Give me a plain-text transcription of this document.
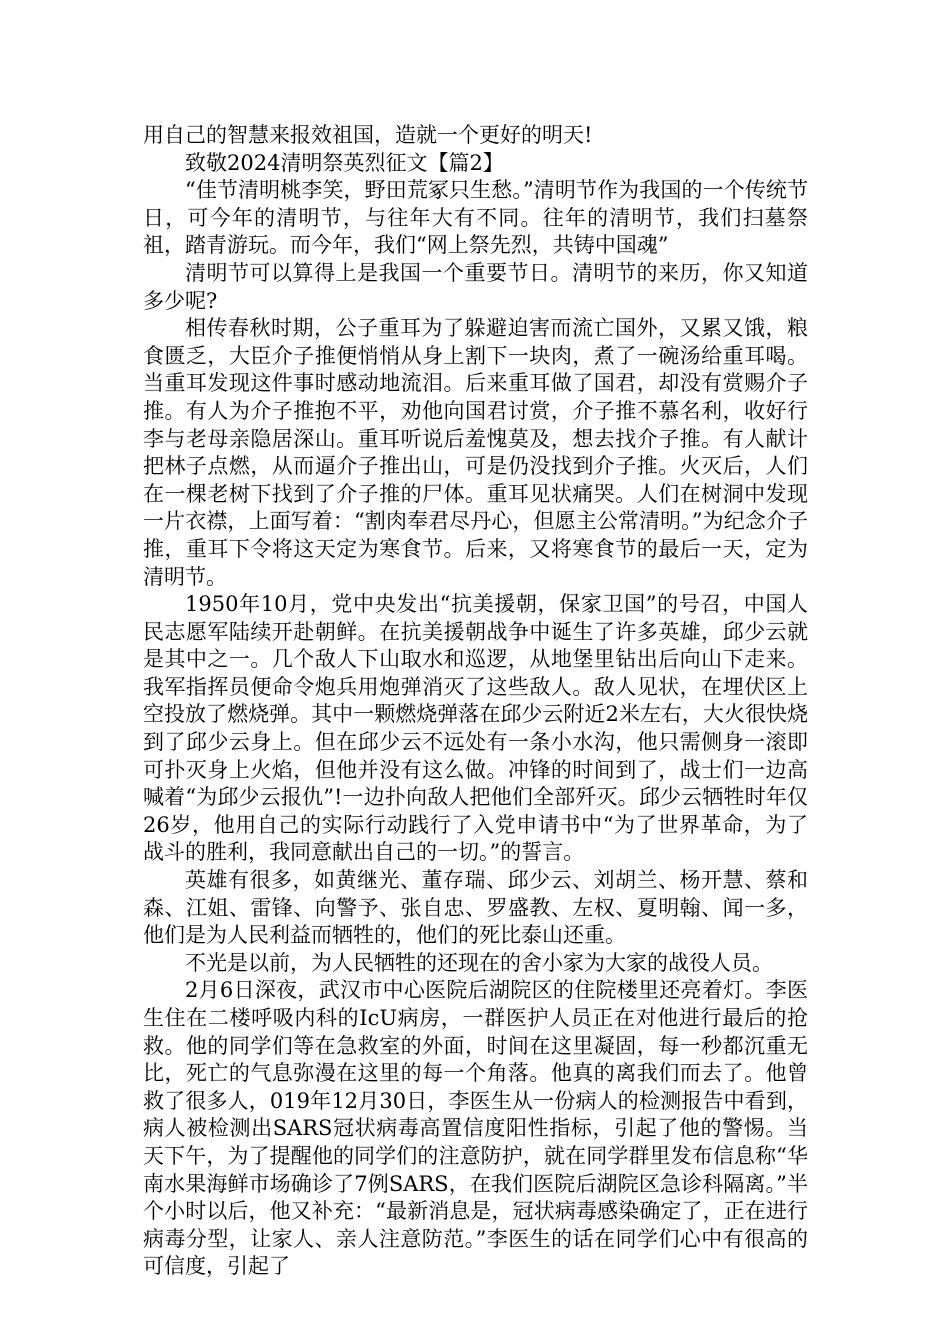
用自己的智慧来报效祖国，造就一个更好的明天!

致敬2024清明祭英烈征文【篇2】

“佳节清明桃李笑，野田荒冢只生愁。”清明节作为我国的一个传统节日，可今年的清明节，与往年大有不同。往年的清明节，我们扫墓祭祖，踏青游玩。而今年，我们“网上祭先烈，共铸中国魂”

清明节可以算得上是我国一个重要节日。清明节的来历，你又知道多少呢?

相传春秋时期，公子重耳为了躲避迫害而流亡国外，又累又饿，粮食匮乏，大臣介子推便悄悄从身上割下一块肉，煮了一碗汤给重耳喝。当重耳发现这件事时感动地流泪。后来重耳做了国君，却没有赏赐介子推。有人为介子推抱不平，劝他向国君讨赏，介子推不慕名利，收好行李与老母亲隐居深山。重耳听说后羞愧莫及，想去找介子推。有人献计把林子点燃，从而逼介子推出山，可是仍没找到介子推。火灭后，人们在一棵老树下找到了介子推的尸体。重耳见状痛哭。人们在树洞中发现一片衣襟，上面写着：“割肉奉君尽丹心，但愿主公常清明。”为纪念介子推，重耳下令将这天定为寒食节。后来，又将寒食节的最后一天，定为清明节。

1950年10月，党中央发出“抗美援朝，保家卫国”的号召，中国人民志愿军陆续开赴朝鲜。在抗美援朝战争中诞生了许多英雄，邱少云就是其中之一。几个敌人下山取水和巡逻，从地堡里钻出后向山下走来。我军指挥员便命令炮兵用炮弹消灭了这些敌人。敌人见状，在埋伏区上空投放了燃烧弹。其中一颗燃烧弹落在邱少云附近2米左右，大火很快烧到了邱少云身上。但在邱少云不远处有一条小水沟，他只需侧身一滚即可扑灭身上火焰，但他并没有这么做。冲锋的时间到了，战士们一边高喊着“为邱少云报仇”!一边扑向敌人把他们全部歼灭。邱少云牺牲时年仅26岁，他用自己的实际行动践行了入党申请书中“为了世界革命，为了战斗的胜利，我同意献出自己的一切。”的誓言。

英雄有很多，如黄继光、董存瑞、邱少云、刘胡兰、杨开慧、蔡和森、江姐、雷锋、向警予、张自忠、罗盛教、左权、夏明翰、闻一多，他们是为人民利益而牺牲的，他们的死比泰山还重。

不光是以前，为人民牺牲的还现在的舍小家为大家的战役人员。

2月6日深夜，武汉市中心医院后湖院区的住院楼里还亮着灯。李医生住在二楼呼吸内科的IcU病房，一群医护人员正在对他进行最后的抢救。他的同学们等在急救室的外面，时间在这里凝固，每一秒都沉重无比，死亡的气息弥漫在这里的每一个角落。他真的离我们而去了。他曾救了很多人，019年12月30日，李医生从一份病人的检测报告中看到，病人被检测出SARS冠状病毒高置信度阳性指标，引起了他的警惕。当天下午，为了提醒他的同学们的注意防护，就在同学群里发布信息称“华南水果海鲜市场确诊了7例SARS，在我们医院后湖院区急诊科隔离。”半个小时以后，他又补充：“最新消息是，冠状病毒感染确定了，正在进行病毒分型，让家人、亲人注意防范。”李医生的话在同学们心中有很高的可信度，引起了
